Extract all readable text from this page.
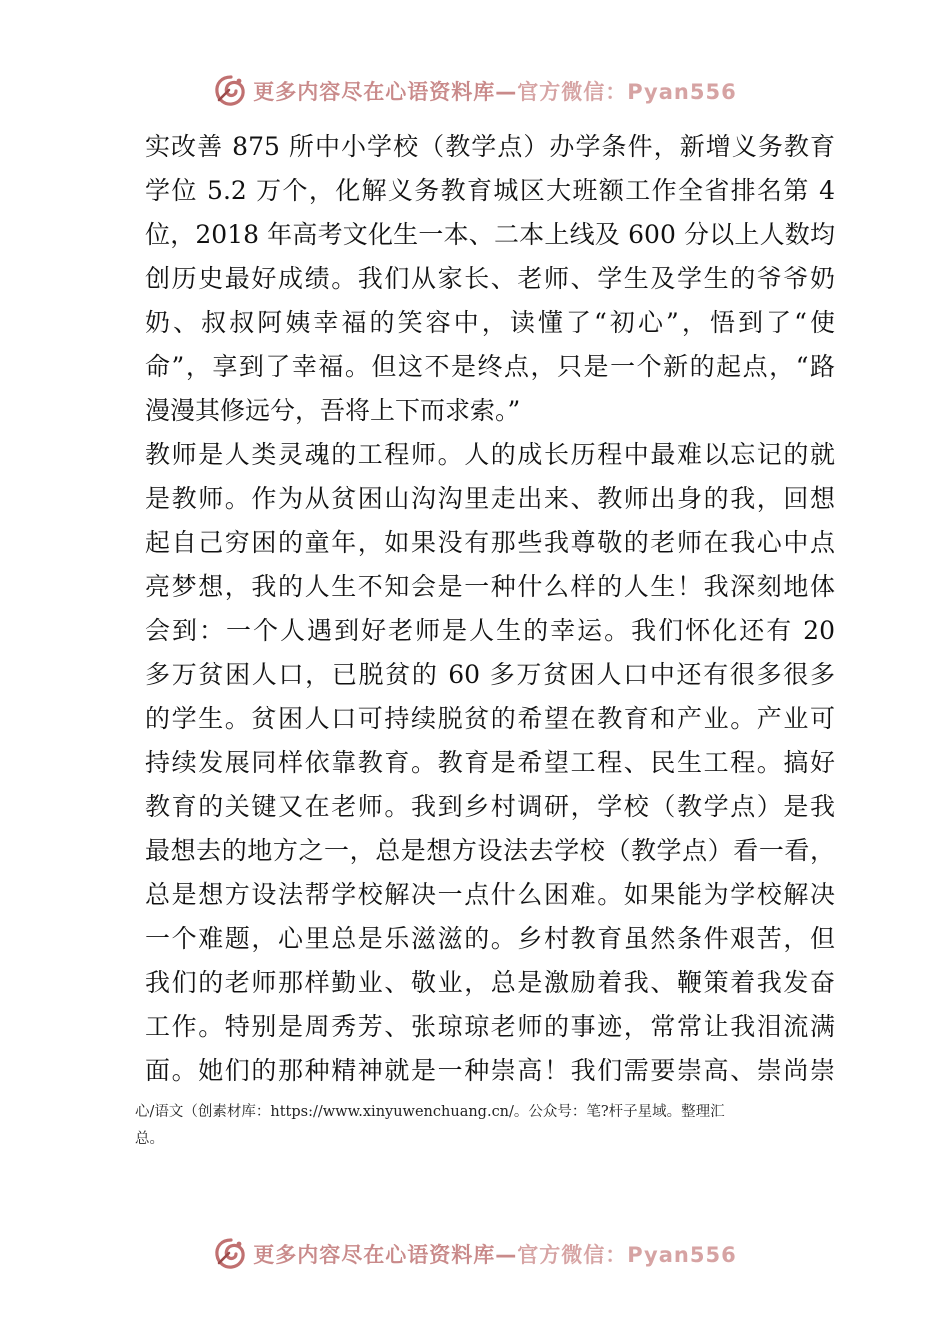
更多内容尽在心语资料库—官方微信：Pyan556
实改善 875 所中小学校（教学点）办学条件，新增义务教育
学位 5.2 万个，化解义务教育城区大班额工作全省排名第 4
位，2018 年高考文化生一本、二本上线及 600 分以上人数均
创历史最好成绩。我们从家长、老师、学生及学生的爷爷奶
奶、叔叔阿姨幸福的笑容中，读懂了“初心”，悟到了“使
命”，享到了幸福。但这不是终点，只是一个新的起点，“路
漫漫其修远兮，吾将上下而求索。”
教师是人类灵魂的工程师。人的成长历程中最难以忘记的就
是教师。作为从贫困山沟沟里走出来、教师出身的我，回想
起自己穷困的童年，如果没有那些我尊敬的老师在我心中点
亮梦想，我的人生不知会是一种什么样的人生！我深刻地体
会到：一个人遇到好老师是人生的幸运。我们怀化还有 20
多万贫困人口，已脱贫的 60 多万贫困人口中还有很多很多
的学生。贫困人口可持续脱贫的希望在教育和产业。产业可
持续发展同样依靠教育。教育是希望工程、民生工程。搞好
教育的关键又在老师。我到乡村调研，学校（教学点）是我
最想去的地方之一，总是想方设法去学校（教学点）看一看，
总是想方设法帮学校解决一点什么困难。如果能为学校解决
一个难题，心里总是乐滋滋的。乡村教育虽然条件艰苦，但
我们的老师那样勤业、敬业，总是激励着我、鞭策着我发奋
工作。特别是周秀芳、张琼琼老师的事迹，常常让我泪流满
面。她们的那种精神就是一种崇高！我们需要崇高、崇尚崇
心/语文（创素材库：https://www.xinyuwenchuang.cn/。公众号：笔?杆子星域。整理汇
总。
更多内容尽在心语资料库—官方微信：Pyan556
